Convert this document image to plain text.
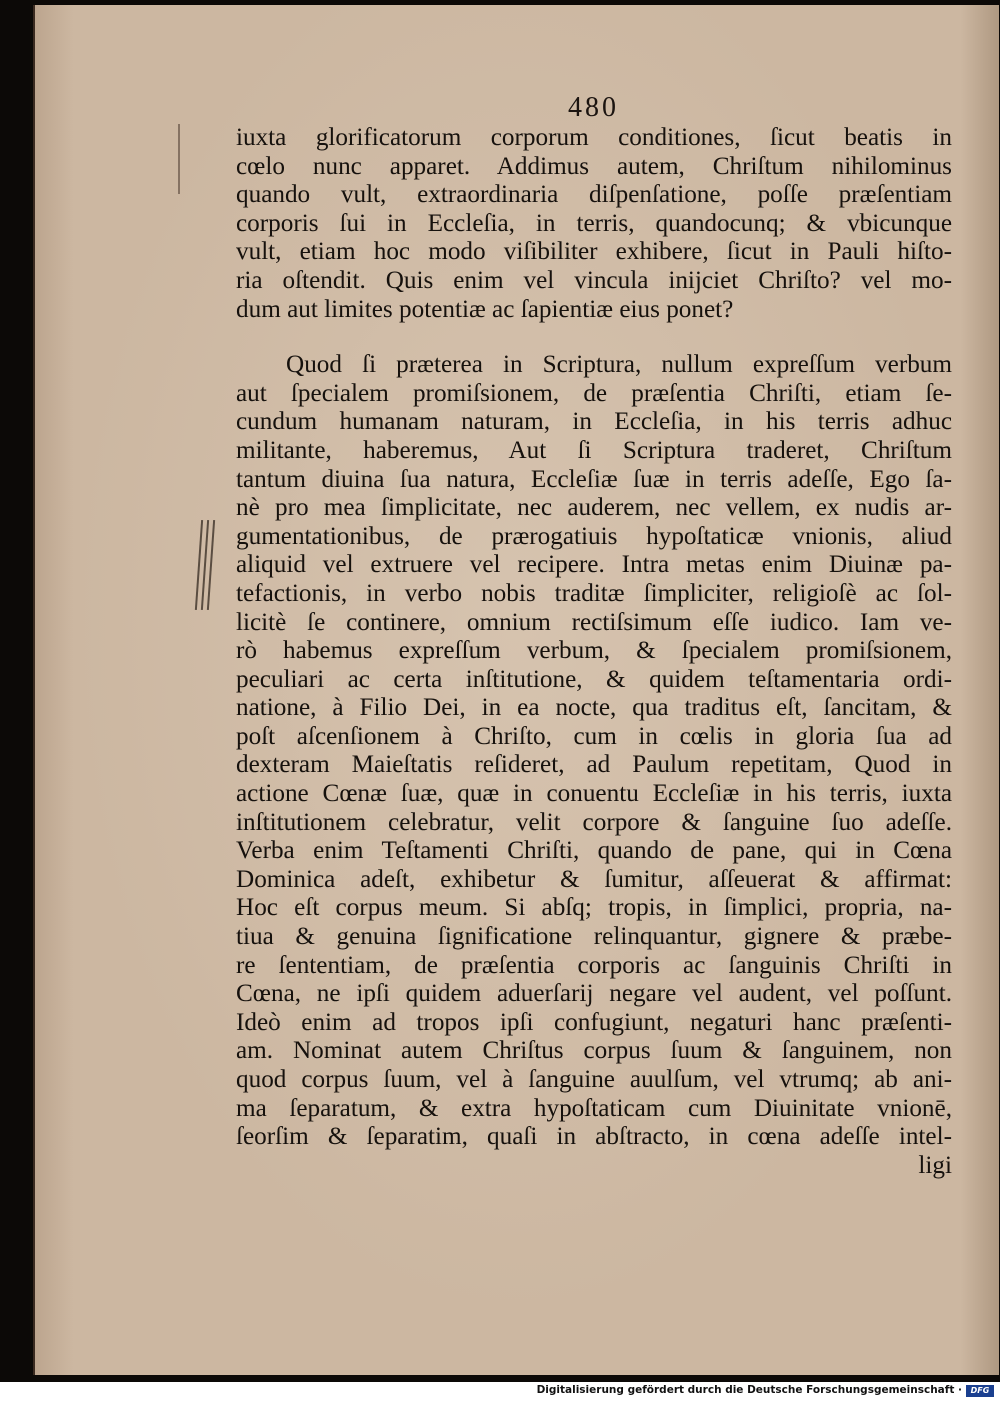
480
iuxta glorificatorum corporum conditiones, ſicut beatis in
cœlo nunc apparet. Addimus autem, Chriſtum nihilominus
quando vult, extraordinaria diſpenſatione, poſſe præſentiam
corporis ſui in Eccleſia, in terris, quandocunq; & vbicunque
vult, etiam hoc modo viſibiliter exhibere, ſicut in Pauli hiſto-
ria oſtendit. Quis enim vel vincula inijciet Chriſto? vel mo-
dum aut limites potentiæ ac ſapientiæ eius ponet?
Quod ſi præterea in Scriptura, nullum expreſſum verbum
aut ſpecialem promiſsionem, de præſentia Chriſti, etiam ſe-
cundum humanam naturam, in Eccleſia, in his terris adhuc
militante, haberemus, Aut ſi Scriptura traderet, Chriſtum
tantum diuina ſua natura, Eccleſiæ ſuæ in terris adeſſe, Ego ſa-
nè pro mea ſimplicitate, nec auderem, nec vellem, ex nudis ar-
gumentationibus, de prærogatiuis hypoſtaticæ vnionis, aliud
aliquid vel extruere vel recipere. Intra metas enim Diuinæ pa-
tefactionis, in verbo nobis traditæ ſimpliciter, religioſè ac ſol-
licitè ſe continere, omnium rectiſsimum eſſe iudico. Iam ve-
rò habemus expreſſum verbum, & ſpecialem promiſsionem,
peculiari ac certa inſtitutione, & quidem teſtamentaria ordi-
natione, à Filio Dei, in ea nocte, qua traditus eſt, ſancitam, &
poſt aſcenſionem à Chriſto, cum in cœlis in gloria ſua ad
dexteram Maieſtatis reſideret, ad Paulum repetitam, Quod in
actione Cœnæ ſuæ, quæ in conuentu Eccleſiæ in his terris, iuxta
inſtitutionem celebratur, velit corpore & ſanguine ſuo adeſſe.
Verba enim Teſtamenti Chriſti, quando de pane, qui in Cœna
Dominica adeſt, exhibetur & ſumitur, aſſeuerat & affirmat:
Hoc eſt corpus meum. Si abſq; tropis, in ſimplici, propria, na-
tiua & genuina ſignificatione relinquantur, gignere & præbe-
re ſententiam, de præſentia corporis ac ſanguinis Chriſti in
Cœna, ne ipſi quidem aduerſarij negare vel audent, vel poſſunt.
Ideò enim ad tropos ipſi confugiunt, negaturi hanc præſenti-
am. Nominat autem Chriſtus corpus ſuum & ſanguinem, non
quod corpus ſuum, vel à ſanguine auulſum, vel vtrumq; ab ani-
ma ſeparatum, & extra hypoſtaticam cum Diuinitate vnionē,
ſeorſim & ſeparatim, quaſi in abſtracto, in cœna adeſſe intel-
ligi
Digitalisierung gefördert durch die Deutsche Forschungsgemeinschaft ·	DFG
